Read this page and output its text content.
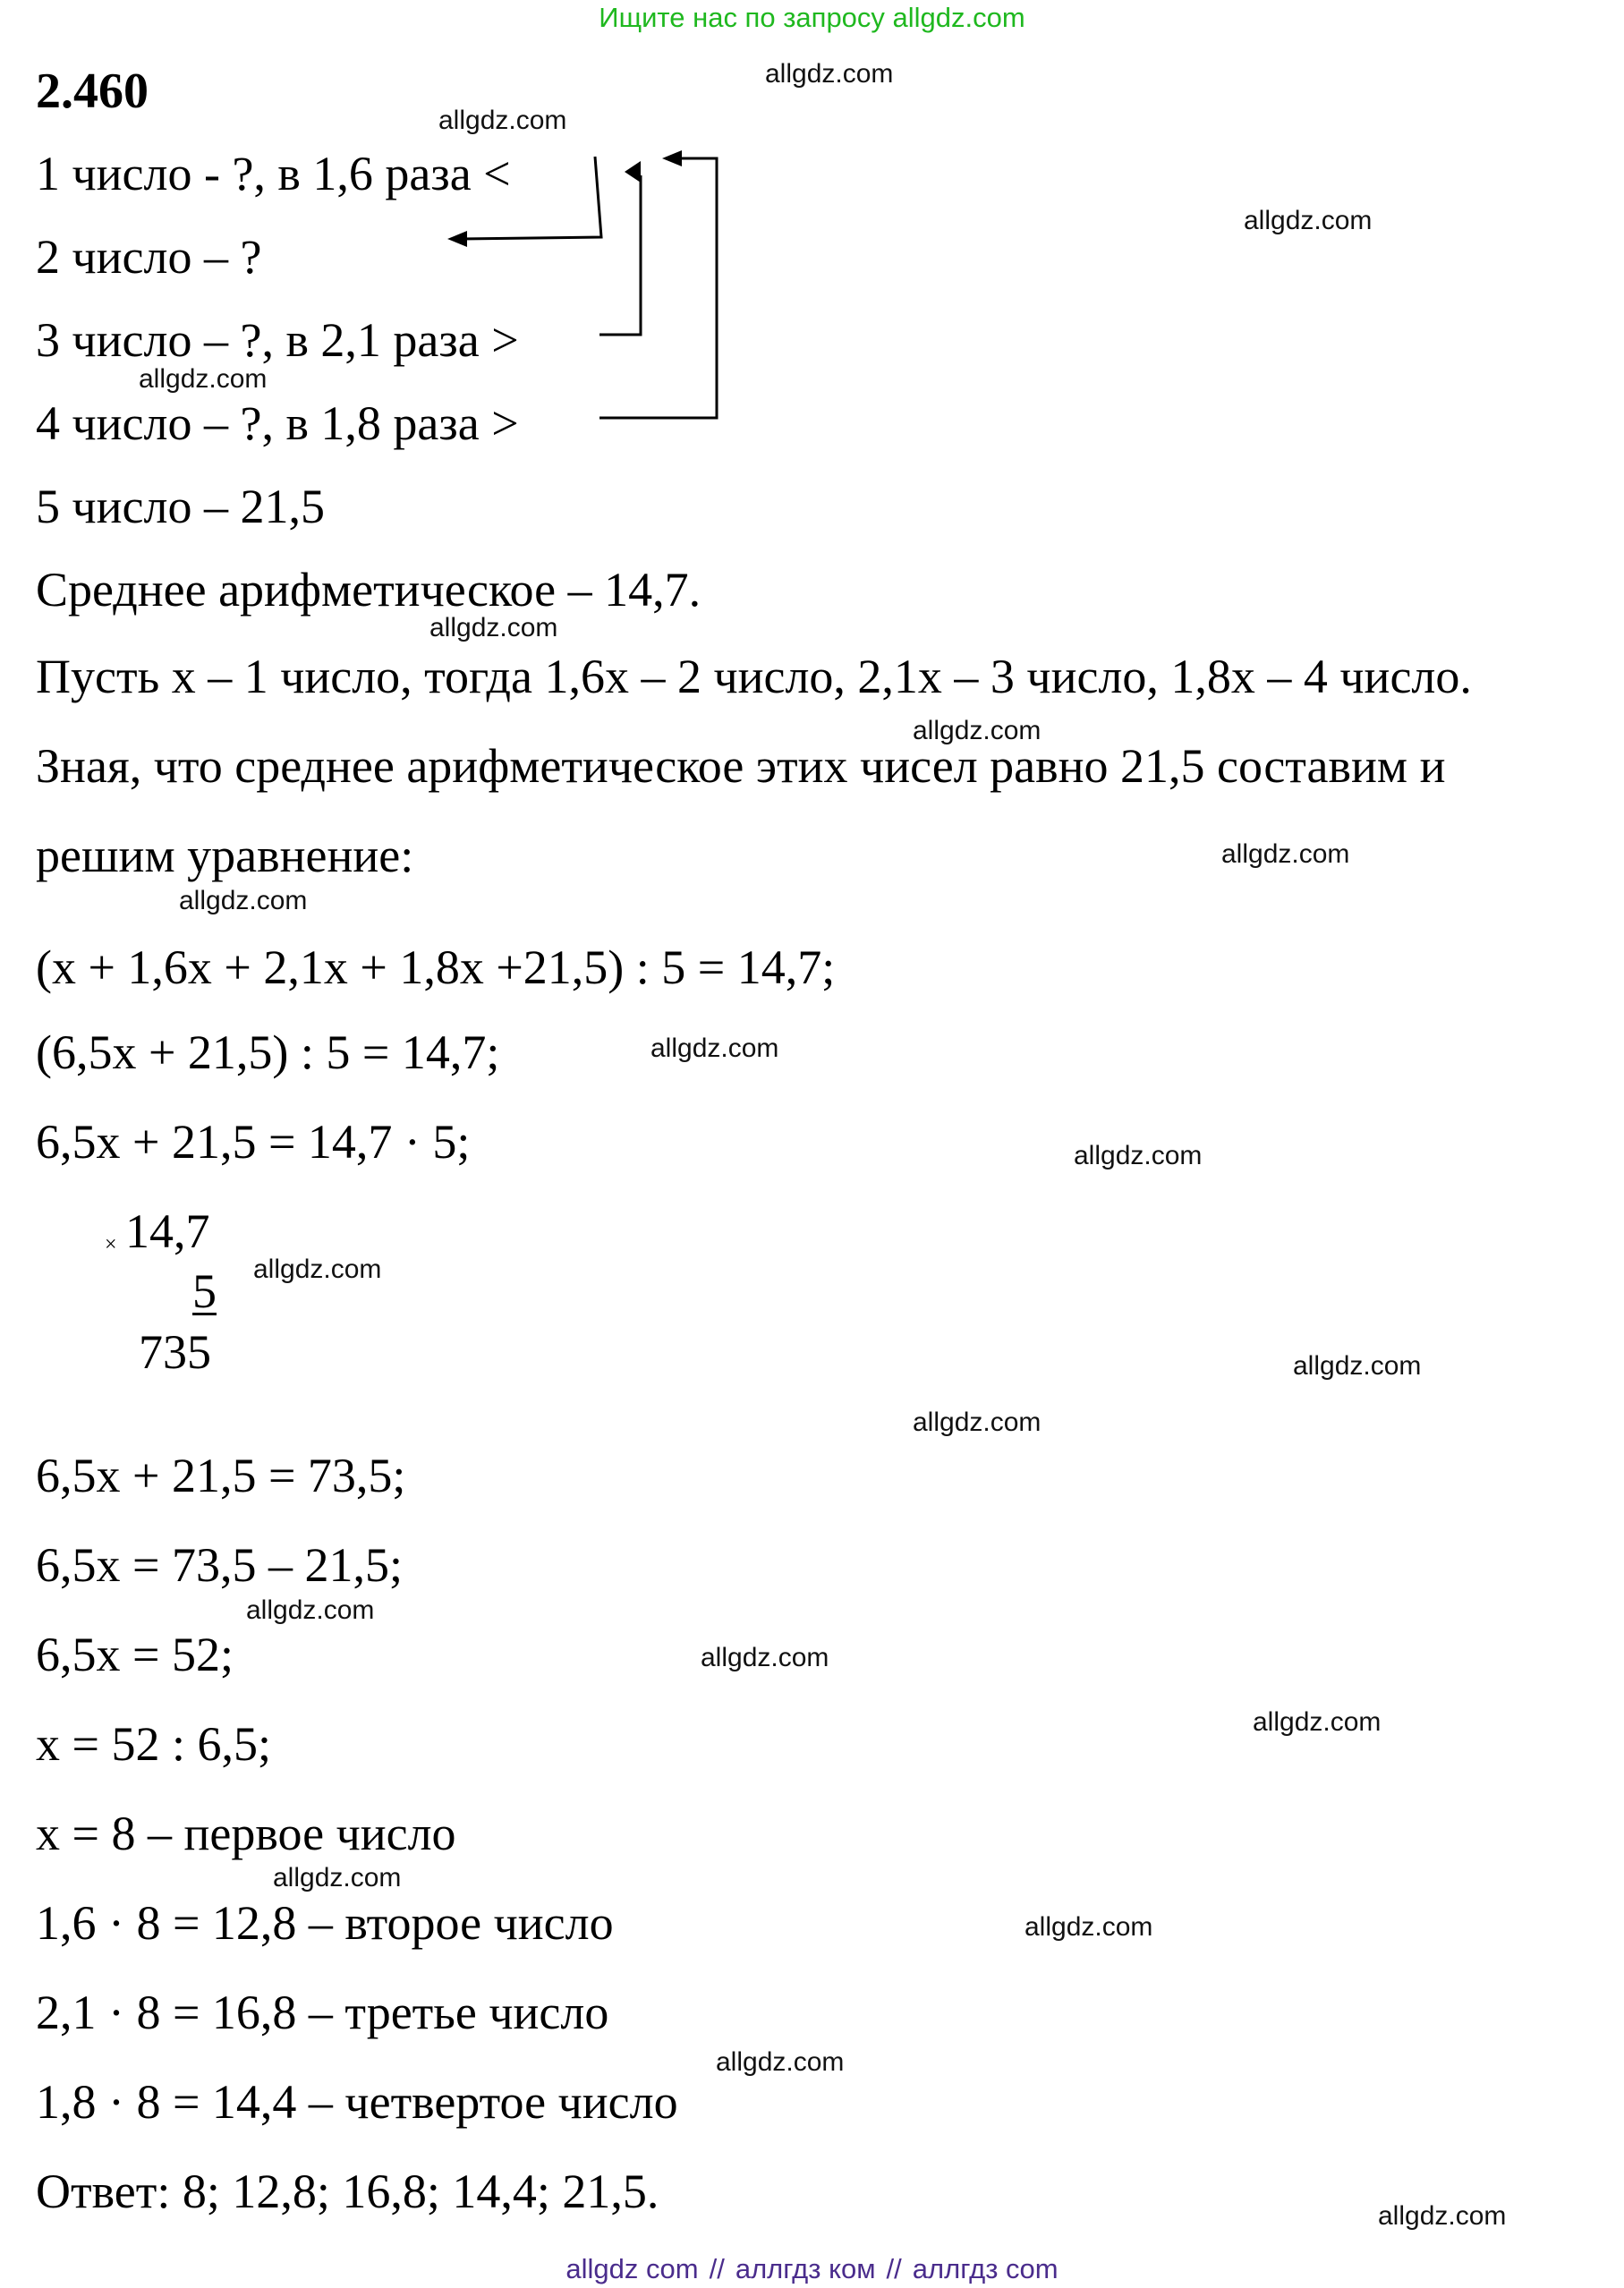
Ищите нас по запросу allgdz.com
2.460
1 число - ?, в 1,6 раза <
2 число – ?
3 число – ?, в 2,1 раза >
4 число – ?, в 1,8 раза >
5 число – 21,5
Среднее арифметическое – 14,7.
Пусть х – 1 число, тогда 1,6х – 2 число, 2,1х – 3 число, 1,8х – 4 число.
Зная, что среднее арифметическое этих чисел равно 21,5 составим и
решим уравнение:
(х + 1,6х + 2,1х + 1,8х +21,5) : 5 = 14,7;
(6,5х + 21,5) : 5 = 14,7;
6,5х + 21,5 = 14,7 · 5;
× 14,7
5
735
6,5х + 21,5 = 73,5;
6,5х = 73,5 – 21,5;
6,5х = 52;
х = 52 : 6,5;
х = 8 – первое число
1,6 · 8 = 12,8 – второе число
2,1 · 8 = 16,8 – третье число
1,8 · 8 = 14,4 – четвертое число
Ответ: 8; 12,8; 16,8; 14,4; 21,5.
allgdz.com
allgdz.com
allgdz.com
allgdz.com
allgdz.com
allgdz.com
allgdz.com
allgdz.com
allgdz.com
allgdz.com
allgdz.com
allgdz.com
allgdz.com
allgdz.com
allgdz.com
allgdz.com
allgdz.com
allgdz.com
allgdz.com
allgdz.com
allgdz com // аллгдз ком // аллгдз com
